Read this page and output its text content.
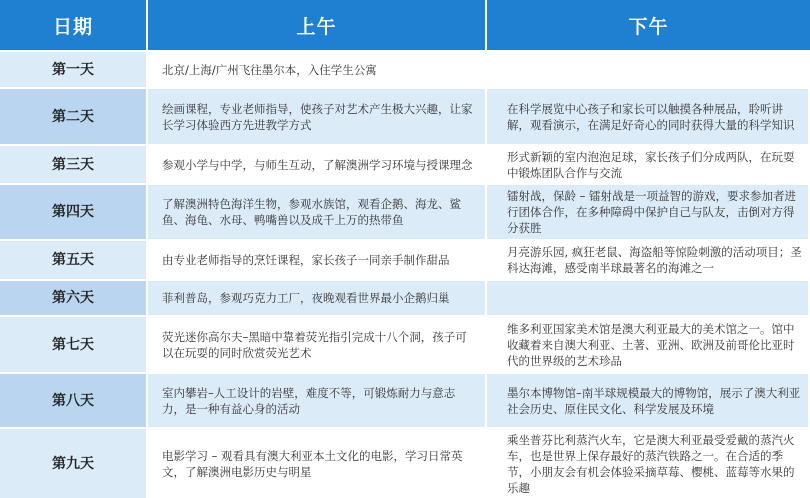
日期	上午	下午
第一天	北京/上海/广州飞往墨尔本，入住学生公寓	
第二天	绘画课程，专业老师指导，使孩子对艺术产生极大兴趣，让家长学习体验西方先进教学方式	在科学展览中心孩子和家长可以触摸各种展品，聆听讲解，观看演示，在满足好奇心的同时获得大量的科学知识
第三天	参观小学与中学，与师生互动，了解澳洲学习环境与授课理念	形式新颖的室内泡泡足球，家长孩子们分成两队，在玩耍中锻炼团队合作与交流
第四天	了解澳洲特色海洋生物，参观水族馆，观看企鹅、海龙、鲨鱼、海龟、水母、鸭嘴兽以及成千上万的热带鱼	镭射战，保龄 – 镭射战是一项益智的游戏，要求参加者进行团体合作，在多种障碍中保护自己与队友，击倒对方得分获胜
第五天	由专业老师指导的烹饪课程，家长孩子一同亲手制作甜品	月亮游乐园, 疯狂老鼠、海盗船等惊险刺激的活动项目；圣科达海滩，感受南半球最著名的海滩之一
第六天	菲利普岛，参观巧克力工厂，夜晚观看世界最小企鹅归巢	
第七天	荧光迷你高尔夫–黑暗中靠着荧光指引完成十八个洞，孩子可以在玩耍的同时欣赏荧光艺术	维多利亚国家美术馆是澳大利亚最大的美术馆之一。馆中收藏着来自澳大利亚、土著、亚洲、欧洲及前哥伦比亚时代的世界级的艺术珍品
第八天	室内攀岩–人工设计的岩壁，难度不等，可锻炼耐力与意志力，是一种有益心身的活动	墨尔本博物馆–南半球规模最大的博物馆，展示了澳大利亚社会历史、原住民文化、科学发展及环境
第九天	电影学习 – 观看具有澳大利亚本土文化的电影，学习日常英文，了解澳洲电影历史与明星	乘坐普芬比利蒸汽火车，它是澳大利亚最受爱戴的蒸汽火车，也是世界上保存最好的蒸汽铁路之一。在合适的季节，小朋友会有机会体验采摘草莓、樱桃、蓝莓等水果的乐趣
